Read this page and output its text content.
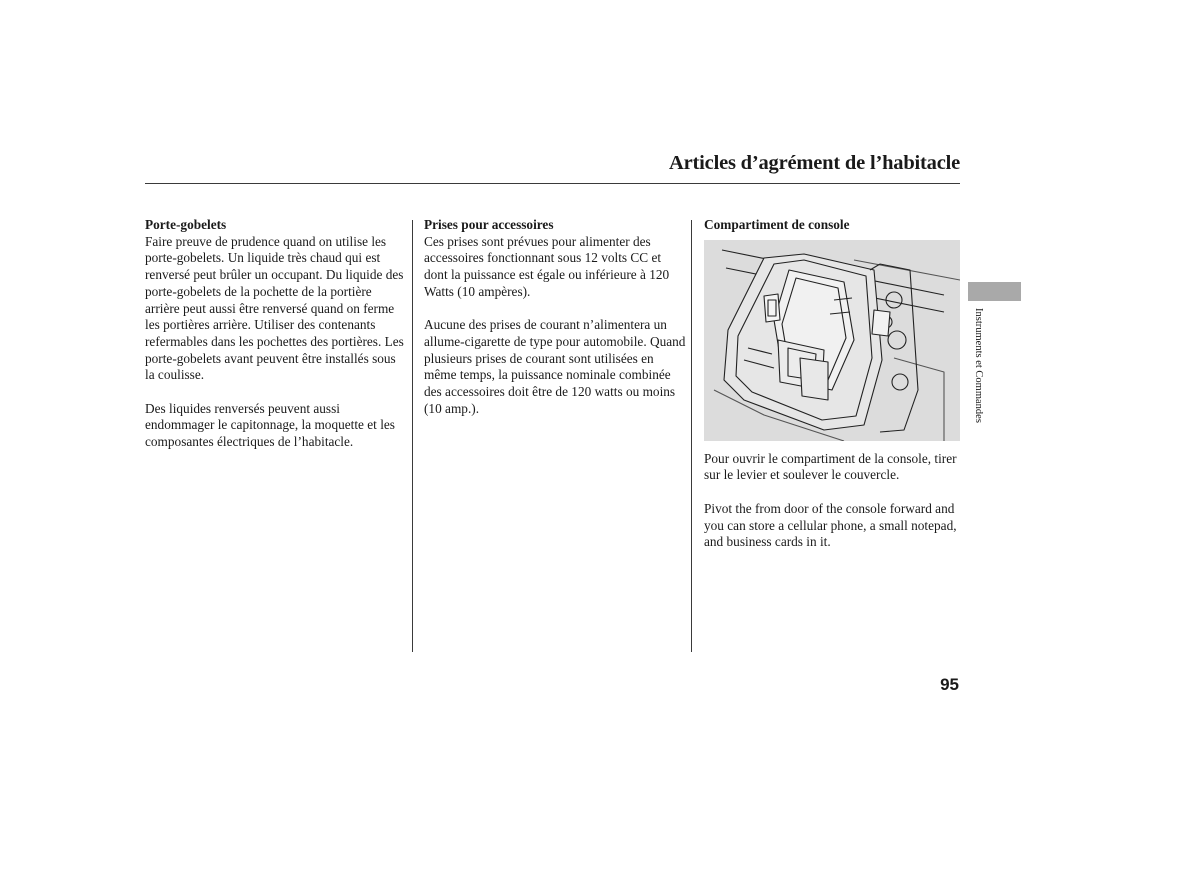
Articles d’agrément de l’habitacle
Porte-gobelets

Faire preuve de prudence quand on utilise les porte-gobelets. Un liquide très chaud qui est renversé peut brûler un occupant. Du liquide des porte-gobelets de la pochette de la portière arrière peut aussi être renversé quand on ferme les portières arrière. Utiliser des contenants refermables dans les pochettes des portières. Les porte-gobelets avant peuvent être installés sous la coulisse.

Des liquides renversés peuvent aussi endommager le capitonnage, la moquette et les composantes électriques de l’habitacle.

Prises pour accessoires

Ces prises sont prévues pour alimenter des accessoires fonctionnant sous 12 volts CC et dont la puissance est égale ou inférieure à 120 Watts (10 ampères).

Aucune des prises de courant n’alimentera un allume-cigarette de type pour automobile. Quand plusieurs prises de courant sont utilisées en même temps, la puissance nominale combinée des accessoires doit être de 120 watts ou moins (10 amp.).

Compartiment de console

Pour ouvrir le compartiment de la console, tirer sur le levier et soulever le couvercle.

Pivot the from door of the console forward and you can store a cellular phone, a small notepad, and business cards in it.

Instruments et Commandes
95
